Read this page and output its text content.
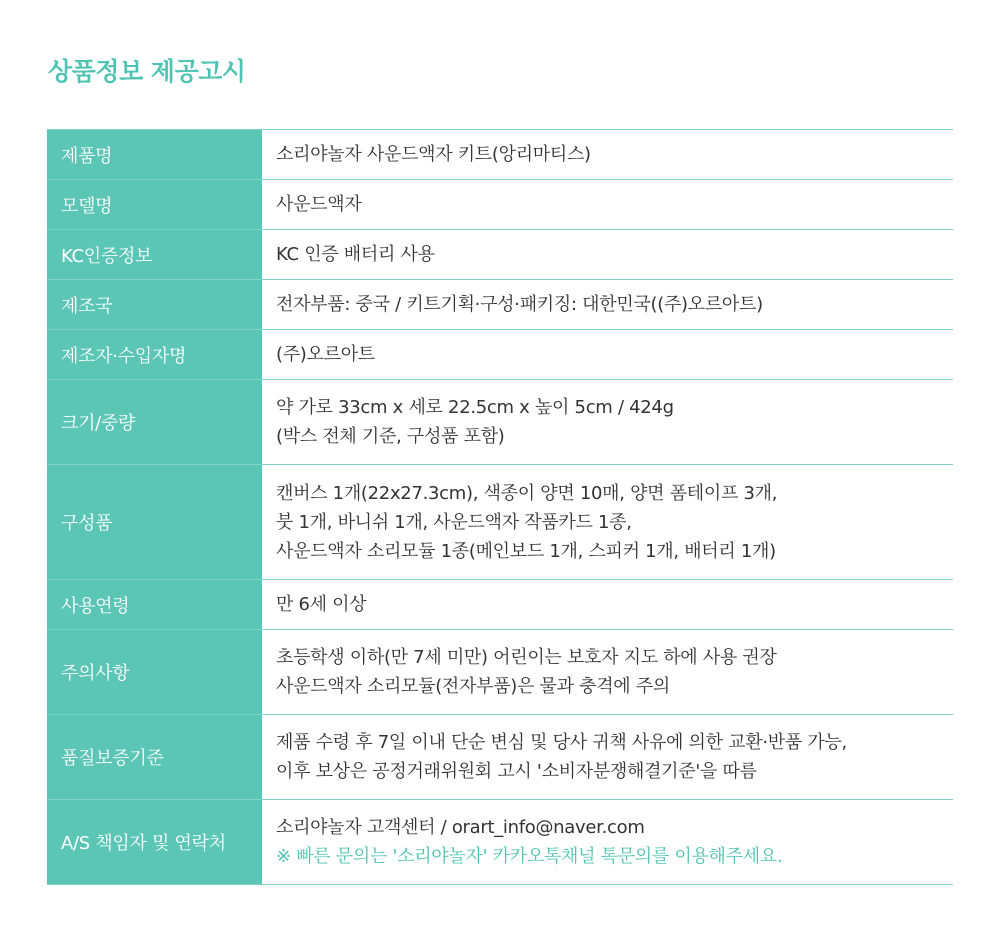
상품정보 제공고시
제품명	소리야놀자 사운드액자 키트(앙리마티스)

모델명	사운드액자

KC인증정보	KC 인증 배터리 사용

제조국	전자부품: 중국 / 키트기획·구성·패키징: 대한민국((주)오르아트)

제조자·수입자명	(주)오르아트

크기/중량	약 가로 33cm x 세로 22.5cm x 높이 5cm / 424g
(박스 전체 기준, 구성품 포함)

구성품	캔버스 1개(22x27.3cm), 색종이 양면 10매, 양면 폼테이프 3개,
붓 1개, 바니쉬 1개, 사운드액자 작품카드 1종,
사운드액자 소리모듈 1종(메인보드 1개, 스피커 1개, 배터리 1개)

사용연령	만 6세 이상

주의사항	초등학생 이하(만 7세 미만) 어린이는 보호자 지도 하에 사용 권장
사운드액자 소리모듈(전자부품)은 물과 충격에 주의

품질보증기준	제품 수령 후 7일 이내 단순 변심 및 당사 귀책 사유에 의한 교환·반품 가능,
이후 보상은 공정거래위원회 고시 '소비자분쟁해결기준'을 따름

A/S 책임자 및 연락처	소리야놀자 고객센터 / orart_info@naver.com
※ 빠른 문의는 '소리야놀자' 카카오톡채널 톡문의를 이용해주세요.
